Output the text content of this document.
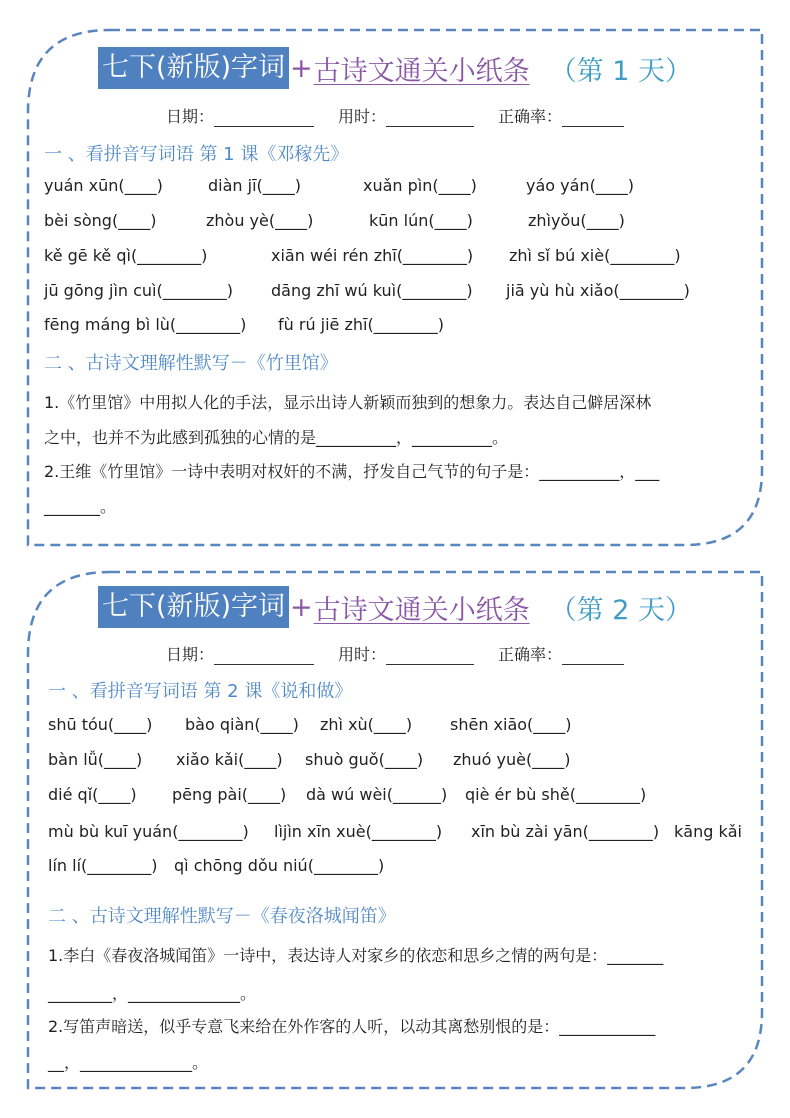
七下(新版)字词 + 古诗文通关小纸条 （第 1 天）
日期：	用时：	正确率：
一 、看拼音写词语 第 1 课《邓稼先》
yuán xūn(____)	diàn jī(____)	xuǎn pìn(____)	yáo yán(____)
bèi sòng(____)	zhòu yè(____)	kūn lún(____)	zhìyǒu(____)
kě gē kě qì(________)	xiān wéi rén zhī(________) zhì sǐ bú xiè(________)
jū gōng jìn cuì(________) dāng zhī wú kuì(________) jiā yù hù xiǎo(________)
fēng máng bì lù(________) fù rú jiē zhī(________)
二 、古诗文理解性默写－《竹里馆》
1.《竹里馆》中用拟人化的手法，显示出诗人新颖而独到的想象力。表达自己僻居深林
之中，也并不为此感到孤独的心情的是__________，__________。
2.王维《竹里馆》一诗中表明对权奸的不满，抒发自己气节的句子是：__________，___
_______。
七下(新版)字词 + 古诗文通关小纸条 （第 2 天）
日期：	用时：	正确率：
一 、看拼音写词语 第 2 课《说和做》
shū tóu(____) bào qiàn(____) zhì xù(____) shēn xiāo(____)
bàn lǚ(____) xiǎo kǎi(____) shuò guǒ(____) zhuó yuè(____)
dié qǐ(____) pēng pài(____) dà wú wèi(______) qiè ér bù shě(________)
mù bù kuī yuán(________) lìjìn xīn xuè(________) xīn bù zài yān(________) kāng kǎi
lín lí(________) qì chōng dǒu niú(________)
二 、古诗文理解性默写－《春夜洛城闻笛》
1.李白《春夜洛城闻笛》一诗中，表达诗人对家乡的依恋和思乡之情的两句是：_______
________，______________。
2.写笛声暗送，似乎专意飞来给在外作客的人听，以动其离愁别恨的是：____________
__，______________。
